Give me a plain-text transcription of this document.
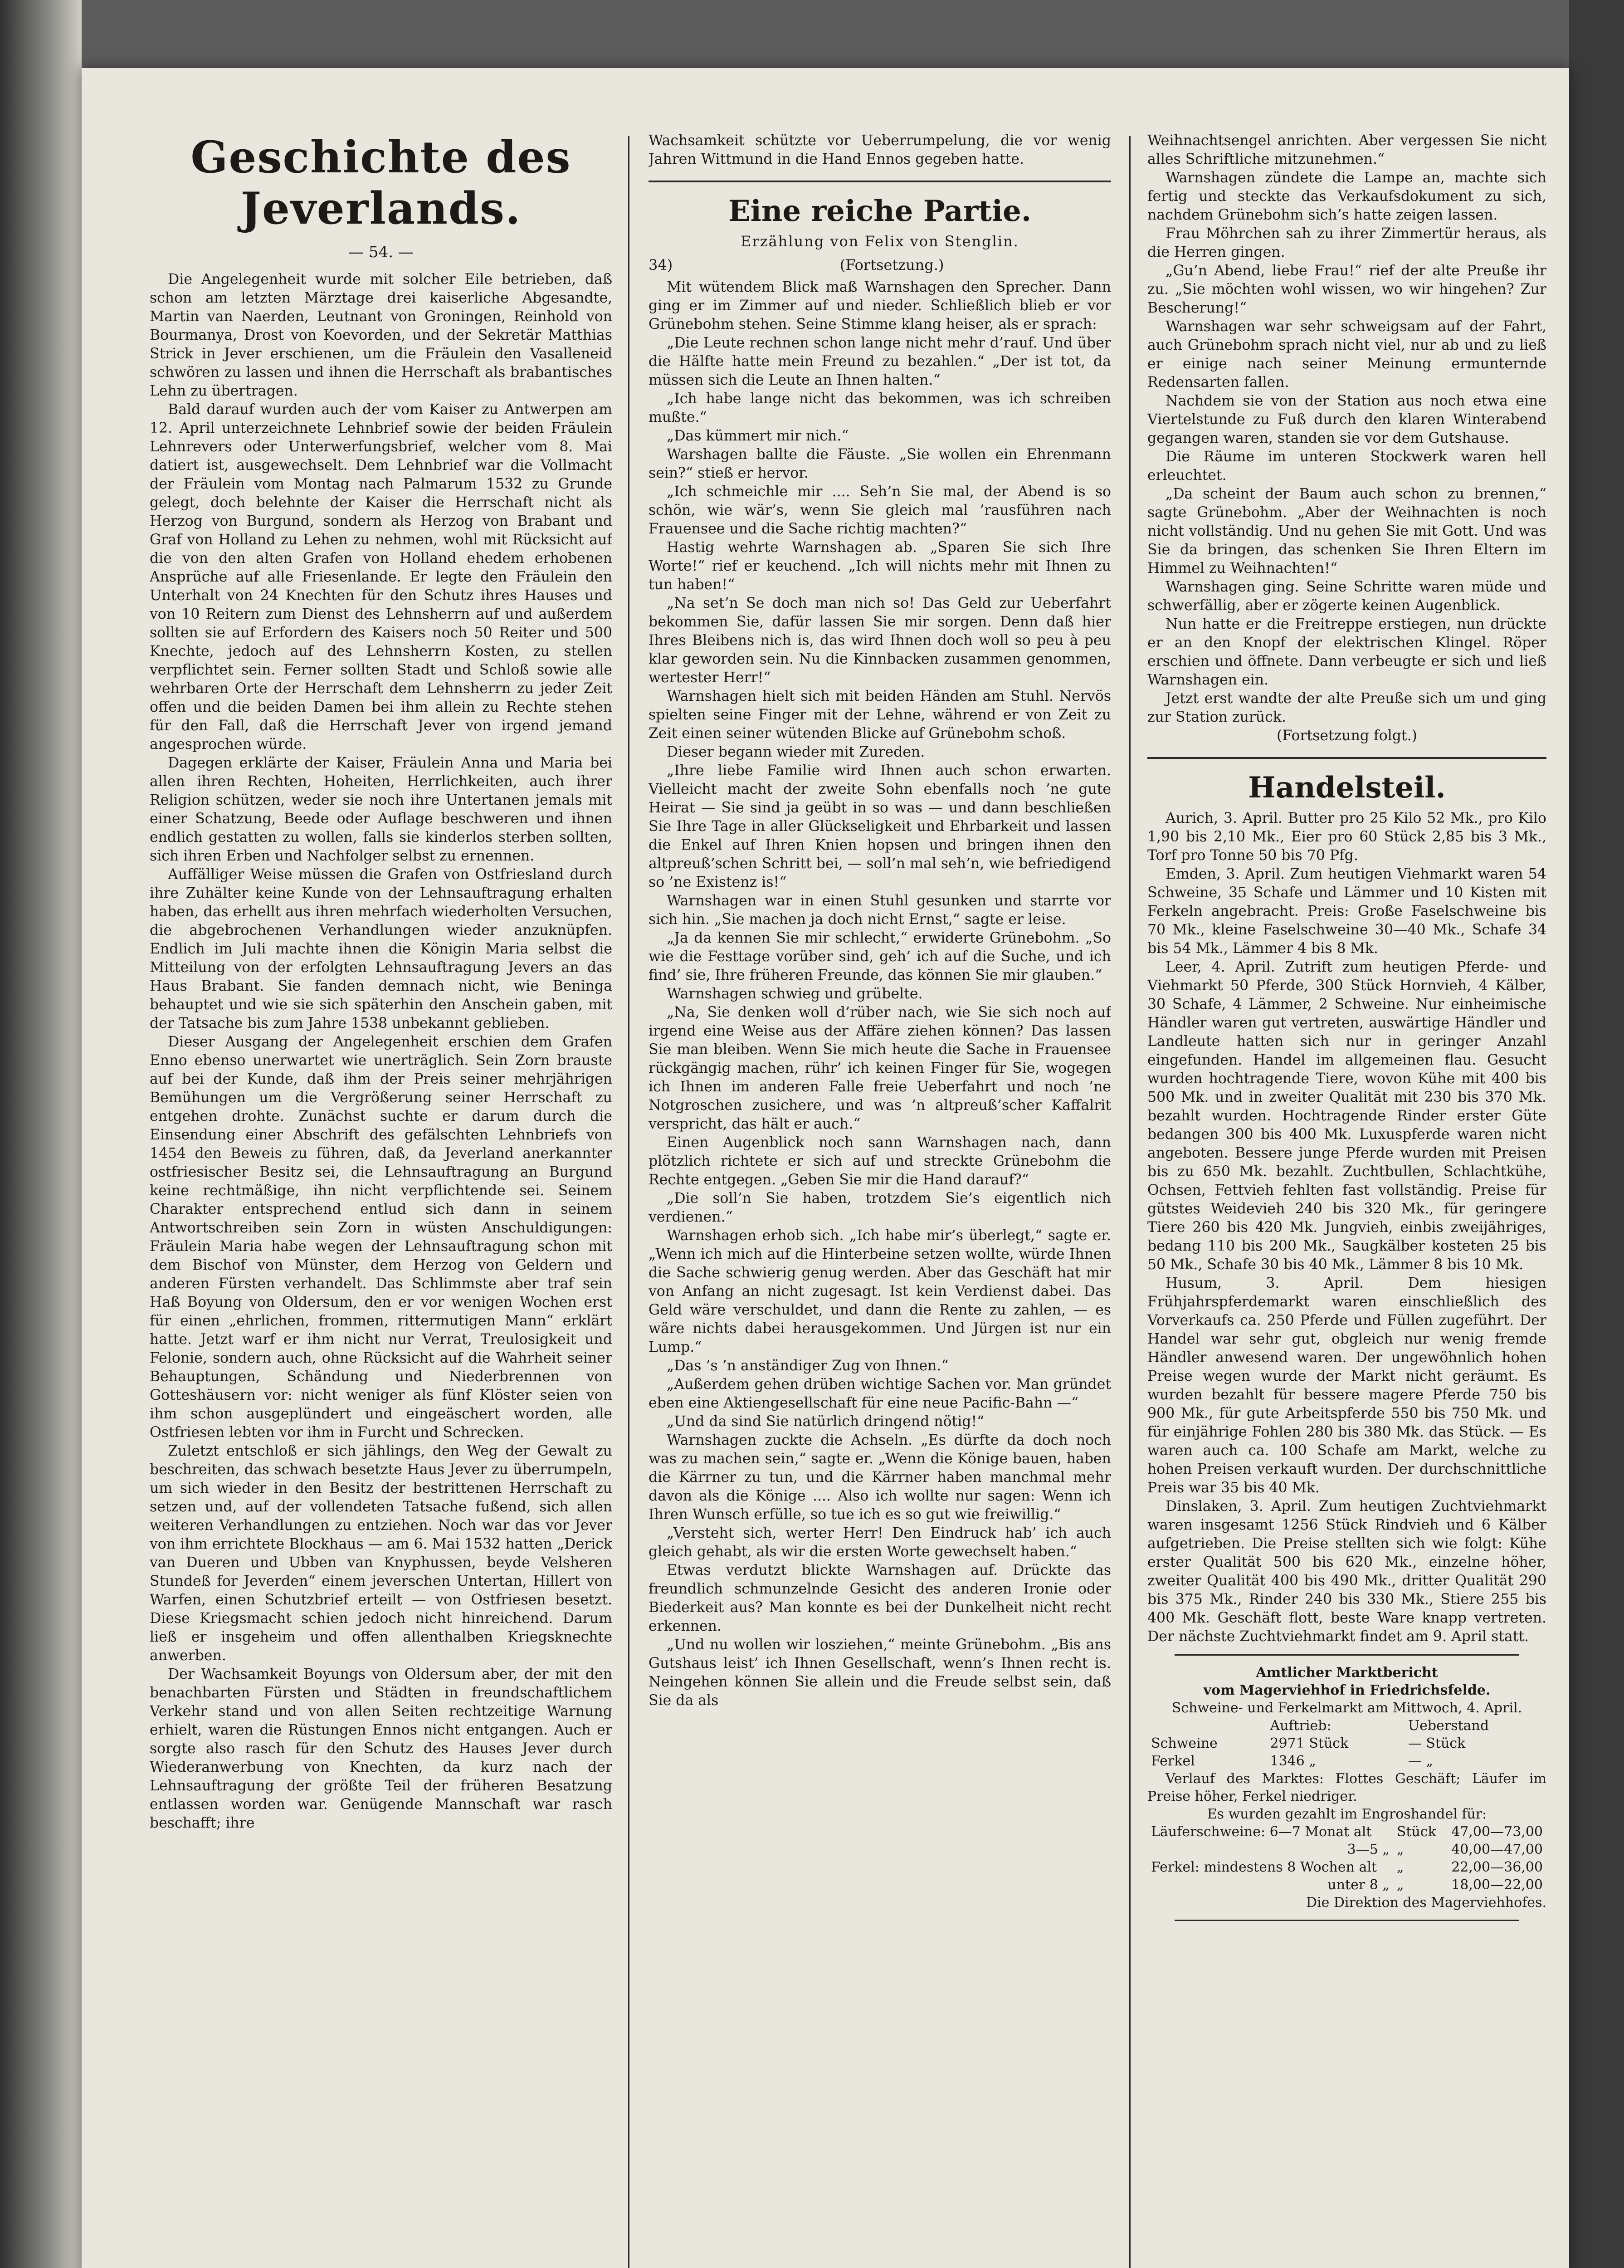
Geschichte des Jeverlands.
— 54. —

Die Angelegenheit wurde mit solcher Eile betrieben, daß schon am letzten Märztage drei kaiserliche Abgesandte, Martin van Naerden, Leutnant von Groningen, Reinhold von Bourmanya, Drost von Koevorden, und der Sekretär Matthias Strick in Jever erschienen, um die Fräulein den Vasalleneid schwören zu lassen und ihnen die Herrschaft als brabantisches Lehn zu übertragen.

Bald darauf wurden auch der vom Kaiser zu Antwerpen am 12. April unterzeichnete Lehnbrief sowie der beiden Fräulein Lehnrevers oder Unterwerfungsbrief, welcher vom 8. Mai datiert ist, ausgewechselt. Dem Lehnbrief war die Vollmacht der Fräulein vom Montag nach Palmarum 1532 zu Grunde gelegt, doch belehnte der Kaiser die Herrschaft nicht als Herzog von Burgund, sondern als Herzog von Brabant und Graf von Holland zu Lehen zu nehmen, wohl mit Rücksicht auf die von den alten Grafen von Holland ehedem erhobenen Ansprüche auf alle Friesenlande. Er legte den Fräulein den Unterhalt von 24 Knechten für den Schutz ihres Hauses und von 10 Reitern zum Dienst des Lehnsherrn auf und außerdem sollten sie auf Erfordern des Kaisers noch 50 Reiter und 500 Knechte, jedoch auf des Lehnsherrn Kosten, zu stellen verpflichtet sein. Ferner sollten Stadt und Schloß sowie alle wehrbaren Orte der Herrschaft dem Lehnsherrn zu jeder Zeit offen und die beiden Damen bei ihm allein zu Rechte stehen für den Fall, daß die Herrschaft Jever von irgend jemand angesprochen würde.

Dagegen erklärte der Kaiser, Fräulein Anna und Maria bei allen ihren Rechten, Hoheiten, Herrlichkeiten, auch ihrer Religion schützen, weder sie noch ihre Untertanen jemals mit einer Schatzung, Beede oder Auflage beschweren und ihnen endlich gestatten zu wollen, falls sie kinderlos sterben sollten, sich ihren Erben und Nachfolger selbst zu ernennen.

Auffälliger Weise müssen die Grafen von Ostfriesland durch ihre Zuhälter keine Kunde von der Lehnsauftragung erhalten haben, das erhellt aus ihren mehrfach wiederholten Versuchen, die abgebrochenen Verhandlungen wieder anzuknüpfen. Endlich im Juli machte ihnen die Königin Maria selbst die Mitteilung von der erfolgten Lehnsauftragung Jevers an das Haus Brabant. Sie fanden demnach nicht, wie Beninga behauptet und wie sie sich späterhin den Anschein gaben, mit der Tatsache bis zum Jahre 1538 unbekannt geblieben.

Dieser Ausgang der Angelegenheit erschien dem Grafen Enno ebenso unerwartet wie unerträglich. Sein Zorn brauste auf bei der Kunde, daß ihm der Preis seiner mehrjährigen Bemühungen um die Vergrößerung seiner Herrschaft zu entgehen drohte. Zunächst suchte er darum durch die Einsendung einer Abschrift des gefälschten Lehnbriefs von 1454 den Beweis zu führen, daß, da Jeverland anerkannter ostfriesischer Besitz sei, die Lehnsauftragung an Burgund keine rechtmäßige, ihn nicht verpflichtende sei. Seinem Charakter entsprechend entlud sich dann in seinem Antwortschreiben sein Zorn in wüsten Anschuldigungen: Fräulein Maria habe wegen der Lehnsauftragung schon mit dem Bischof von Münster, dem Herzog von Geldern und anderen Fürsten verhandelt. Das Schlimmste aber traf sein Haß Boyung von Oldersum, den er vor wenigen Wochen erst für einen „ehrlichen, frommen, rittermutigen Mann“ erklärt hatte. Jetzt warf er ihm nicht nur Verrat, Treulosigkeit und Felonie, sondern auch, ohne Rücksicht auf die Wahrheit seiner Behauptungen, Schändung und Niederbrennen von Gotteshäusern vor: nicht weniger als fünf Klöster seien von ihm schon ausgeplündert und eingeäschert worden, alle Ostfriesen lebten vor ihm in Furcht und Schrecken.

Zuletzt entschloß er sich jählings, den Weg der Gewalt zu beschreiten, das schwach besetzte Haus Jever zu überrumpeln, um sich wieder in den Besitz der bestrittenen Herrschaft zu setzen und, auf der vollendeten Tatsache fußend, sich allen weiteren Verhandlungen zu entziehen. Noch war das vor Jever von ihm errichtete Blockhaus — am 6. Mai 1532 hatten „Derick van Dueren und Ubben van Knyphussen, beyde Velsheren Stundeß for Jeverden“ einem jeverschen Untertan, Hillert von Warfen, einen Schutzbrief erteilt — von Ostfriesen besetzt. Diese Kriegsmacht schien jedoch nicht hinreichend. Darum ließ er insgeheim und offen allenthalben Kriegsknechte anwerben.

Der Wachsamkeit Boyungs von Oldersum aber, der mit den benachbarten Fürsten und Städten in freundschaftlichem Verkehr stand und von allen Seiten rechtzeitige Warnung erhielt, waren die Rüstungen Ennos nicht entgangen. Auch er sorgte also rasch für den Schutz des Hauses Jever durch Wiederanwerbung von Knechten, da kurz nach der Lehnsauftragung der größte Teil der früheren Besatzung entlassen worden war. Genügende Mannschaft war rasch beschafft; ihre

Wachsamkeit schützte vor Ueberrumpelung, die vor wenig Jahren Wittmund in die Hand Ennos gegeben hatte.

Eine reiche Partie.
Erzählung von Felix von Stenglin.
34)	(Fortsetzung.)

Mit wütendem Blick maß Warnshagen den Sprecher. Dann ging er im Zimmer auf und nieder. Schließlich blieb er vor Grünebohm stehen. Seine Stimme klang heiser, als er sprach:

„Die Leute rechnen schon lange nicht mehr d’rauf. Und über die Hälfte hatte mein Freund zu bezahlen.“ „Der ist tot, da müssen sich die Leute an Ihnen halten.“

„Ich habe lange nicht das bekommen, was ich schreiben mußte.“

„Das kümmert mir nich.“

Warshagen ballte die Fäuste. „Sie wollen ein Ehrenmann sein?“ stieß er hervor.

„Ich schmeichle mir .... Seh’n Sie mal, der Abend is so schön, wie wär’s, wenn Sie gleich mal ’rausführen nach Frauensee und die Sache richtig machten?“

Hastig wehrte Warnshagen ab. „Sparen Sie sich Ihre Worte!“ rief er keuchend. „Ich will nichts mehr mit Ihnen zu tun haben!“

„Na set’n Se doch man nich so! Das Geld zur Ueberfahrt bekommen Sie, dafür lassen Sie mir sorgen. Denn daß hier Ihres Bleibens nich is, das wird Ihnen doch woll so peu à peu klar geworden sein. Nu die Kinnbacken zusammen genommen, wertester Herr!“

Warnshagen hielt sich mit beiden Händen am Stuhl. Nervös spielten seine Finger mit der Lehne, während er von Zeit zu Zeit einen seiner wütenden Blicke auf Grünebohm schoß.

Dieser begann wieder mit Zureden.

„Ihre liebe Familie wird Ihnen auch schon erwarten. Vielleicht macht der zweite Sohn ebenfalls noch ’ne gute Heirat — Sie sind ja geübt in so was — und dann beschließen Sie Ihre Tage in aller Glückseligkeit und Ehrbarkeit und lassen die Enkel auf Ihren Knien hopsen und bringen ihnen den altpreuß’schen Schritt bei, — soll’n mal seh’n, wie befriedigend so ’ne Existenz is!“

Warnshagen war in einen Stuhl gesunken und starrte vor sich hin. „Sie machen ja doch nicht Ernst,“ sagte er leise.

„Ja da kennen Sie mir schlecht,“ erwiderte Grünebohm. „So wie die Festtage vorüber sind, geh’ ich auf die Suche, und ich find’ sie, Ihre früheren Freunde, das können Sie mir glauben.“

Warnshagen schwieg und grübelte.

„Na, Sie denken woll d’rüber nach, wie Sie sich noch auf irgend eine Weise aus der Affäre ziehen können? Das lassen Sie man bleiben. Wenn Sie mich heute die Sache in Frauensee rückgängig machen, rühr’ ich keinen Finger für Sie, wogegen ich Ihnen im anderen Falle freie Ueberfahrt und noch ’ne Notgroschen zusichere, und was ’n altpreuß’scher Kaffalrit verspricht, das hält er auch.“

Einen Augenblick noch sann Warnshagen nach, dann plötzlich richtete er sich auf und streckte Grünebohm die Rechte entgegen. „Geben Sie mir die Hand darauf?“

„Die soll’n Sie haben, trotzdem Sie’s eigentlich nich verdienen.“

Warnshagen erhob sich. „Ich habe mir’s überlegt,“ sagte er. „Wenn ich mich auf die Hinterbeine setzen wollte, würde Ihnen die Sache schwierig genug werden. Aber das Geschäft hat mir von Anfang an nicht zugesagt. Ist kein Verdienst dabei. Das Geld wäre verschuldet, und dann die Rente zu zahlen, — es wäre nichts dabei herausgekommen. Und Jürgen ist nur ein Lump.“

„Das ’s ’n anständiger Zug von Ihnen.“

„Außerdem gehen drüben wichtige Sachen vor. Man gründet eben eine Aktiengesellschaft für eine neue Pacific-Bahn —“

„Und da sind Sie natürlich dringend nötig!“

Warnshagen zuckte die Achseln. „Es dürfte da doch noch was zu machen sein,“ sagte er. „Wenn die Könige bauen, haben die Kärrner zu tun, und die Kärrner haben manchmal mehr davon als die Könige .... Also ich wollte nur sagen: Wenn ich Ihren Wunsch erfülle, so tue ich es so gut wie freiwillig.“

„Versteht sich, werter Herr! Den Eindruck hab’ ich auch gleich gehabt, als wir die ersten Worte gewechselt haben.“

Etwas verdutzt blickte Warnshagen auf. Drückte das freundlich schmunzelnde Gesicht des anderen Ironie oder Biederkeit aus? Man konnte es bei der Dunkelheit nicht recht erkennen.

„Und nu wollen wir losziehen,“ meinte Grünebohm. „Bis ans Gutshaus leist’ ich Ihnen Gesellschaft, wenn’s Ihnen recht is. Neingehen können Sie allein und die Freude selbst sein, daß Sie da als

Weihnachtsengel anrichten. Aber vergessen Sie nicht alles Schriftliche mitzunehmen.“

Warnshagen zündete die Lampe an, machte sich fertig und steckte das Verkaufsdokument zu sich, nachdem Grünebohm sich’s hatte zeigen lassen.

Frau Möhrchen sah zu ihrer Zimmertür heraus, als die Herren gingen.

„Gu’n Abend, liebe Frau!“ rief der alte Preuße ihr zu. „Sie möchten wohl wissen, wo wir hingehen? Zur Bescherung!“

Warnshagen war sehr schweigsam auf der Fahrt, auch Grünebohm sprach nicht viel, nur ab und zu ließ er einige nach seiner Meinung ermunternde Redensarten fallen.

Nachdem sie von der Station aus noch etwa eine Viertelstunde zu Fuß durch den klaren Winterabend gegangen waren, standen sie vor dem Gutshause.

Die Räume im unteren Stockwerk waren hell erleuchtet.

„Da scheint der Baum auch schon zu brennen,“ sagte Grünebohm. „Aber der Weihnachten is noch nicht vollständig. Und nu gehen Sie mit Gott. Und was Sie da bringen, das schenken Sie Ihren Eltern im Himmel zu Weihnachten!“

Warnshagen ging. Seine Schritte waren müde und schwerfällig, aber er zögerte keinen Augenblick.

Nun hatte er die Freitreppe erstiegen, nun drückte er an den Knopf der elektrischen Klingel. Röper erschien und öffnete. Dann verbeugte er sich und ließ Warnshagen ein.

Jetzt erst wandte der alte Preuße sich um und ging zur Station zurück.

(Fortsetzung folgt.)

Handelsteil.

Aurich, 3. April. Butter pro 25 Kilo 52 Mk., pro Kilo 1,90 bis 2,10 Mk., Eier pro 60 Stück 2,85 bis 3 Mk., Torf pro Tonne 50 bis 70 Pfg.

Emden, 3. April. Zum heutigen Viehmarkt waren 54 Schweine, 35 Schafe und Lämmer und 10 Kisten mit Ferkeln angebracht. Preis: Große Faselschweine bis 70 Mk., kleine Faselschweine 30—40 Mk., Schafe 34 bis 54 Mk., Lämmer 4 bis 8 Mk.

Leer, 4. April. Zutrift zum heutigen Pferde- und Viehmarkt 50 Pferde, 300 Stück Hornvieh, 4 Kälber, 30 Schafe, 4 Lämmer, 2 Schweine. Nur einheimische Händler waren gut vertreten, auswärtige Händler und Landleute hatten sich nur in geringer Anzahl eingefunden. Handel im allgemeinen flau. Gesucht wurden hochtragende Tiere, wovon Kühe mit 400 bis 500 Mk. und in zweiter Qualität mit 230 bis 370 Mk. bezahlt wurden. Hochtragende Rinder erster Güte bedangen 300 bis 400 Mk. Luxuspferde waren nicht angeboten. Bessere junge Pferde wurden mit Preisen bis zu 650 Mk. bezahlt. Zuchtbullen, Schlachtkühe, Ochsen, Fettvieh fehlten fast vollständig. Preise für gütstes Weidevieh 240 bis 320 Mk., für geringere Tiere 260 bis 420 Mk. Jungvieh, einbis zweijähriges, bedang 110 bis 200 Mk., Saugkälber kosteten 25 bis 50 Mk., Schafe 30 bis 40 Mk., Lämmer 8 bis 10 Mk.

Husum, 3. April. Dem hiesigen Frühjahrspferdemarkt waren einschließlich des Vorverkaufs ca. 250 Pferde und Füllen zugeführt. Der Handel war sehr gut, obgleich nur wenig fremde Händler anwesend waren. Der ungewöhnlich hohen Preise wegen wurde der Markt nicht geräumt. Es wurden bezahlt für bessere magere Pferde 750 bis 900 Mk., für gute Arbeitspferde 550 bis 750 Mk. und für einjährige Fohlen 280 bis 380 Mk. das Stück. — Es waren auch ca. 100 Schafe am Markt, welche zu hohen Preisen verkauft wurden. Der durchschnittliche Preis war 35 bis 40 Mk.

Dinslaken, 3. April. Zum heutigen Zuchtviehmarkt waren insgesamt 1256 Stück Rindvieh und 6 Kälber aufgetrieben. Die Preise stellten sich wie folgt: Kühe erster Qualität 500 bis 620 Mk., einzelne höher, zweiter Qualität 400 bis 490 Mk., dritter Qualität 290 bis 375 Mk., Rinder 240 bis 330 Mk., Stiere 255 bis 400 Mk. Geschäft flott, beste Ware knapp vertreten. Der nächste Zuchtviehmarkt findet am 9. April statt.

Amtlicher Marktbericht

vom Magerviehhof in Friedrichsfelde.

Schweine- und Ferkelmarkt am Mittwoch, 4. April.

	Auftrieb:	Ueberstand
Schweine	2971 Stück	— Stück
Ferkel	1346 „	— „

Verlauf des Marktes: Flottes Geschäft; Läufer im Preise höher, Ferkel niedriger.

Es wurden gezahlt im Engroshandel für:

Läuferschweine: 6—7 Monat alt	Stück	47,00—73,00
3—5 „	„	40,00—47,00
Ferkel: mindestens 8 Wochen alt	„	22,00—36,00
unter 8 „	„	18,00—22,00

Die Direktion des Magerviehhofes.
